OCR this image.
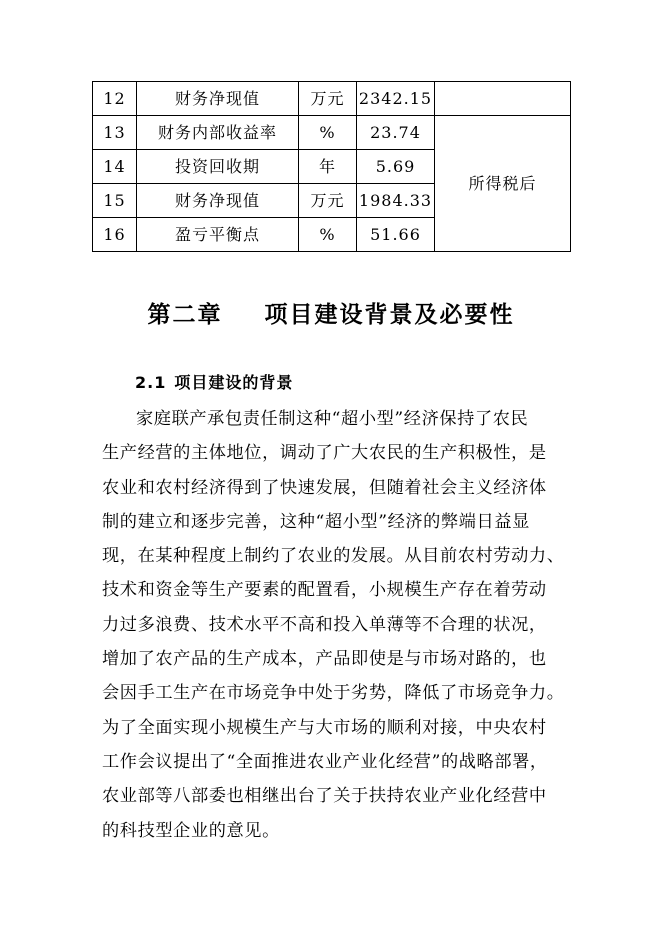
12	财务净现值	万元	2342.15	
13	财务内部收益率	%	23.74	所得税后
14	投资回收期	年	5.69	
15	财务净现值	万元	1984.33	
16	盈亏平衡点	%	51.66	
第二章 项目建设背景及必要性
2.1 项目建设的背景
家庭联产承包责任制这种“超小型”经济保持了农民
生产经营的主体地位，调动了广大农民的生产积极性，是
农业和农村经济得到了快速发展，但随着社会主义经济体
制的建立和逐步完善，这种“超小型”经济的弊端日益显
现，在某种程度上制约了农业的发展。从目前农村劳动力、
技术和资金等生产要素的配置看，小规模生产存在着劳动
力过多浪费、技术水平不高和投入单薄等不合理的状况，
增加了农产品的生产成本，产品即使是与市场对路的，也
会因手工生产在市场竞争中处于劣势，降低了市场竞争力。
为了全面实现小规模生产与大市场的顺利对接，中央农村
工作会议提出了“全面推进农业产业化经营”的战略部署，
农业部等八部委也相继出台了关于扶持农业产业化经营中
的科技型企业的意见。
